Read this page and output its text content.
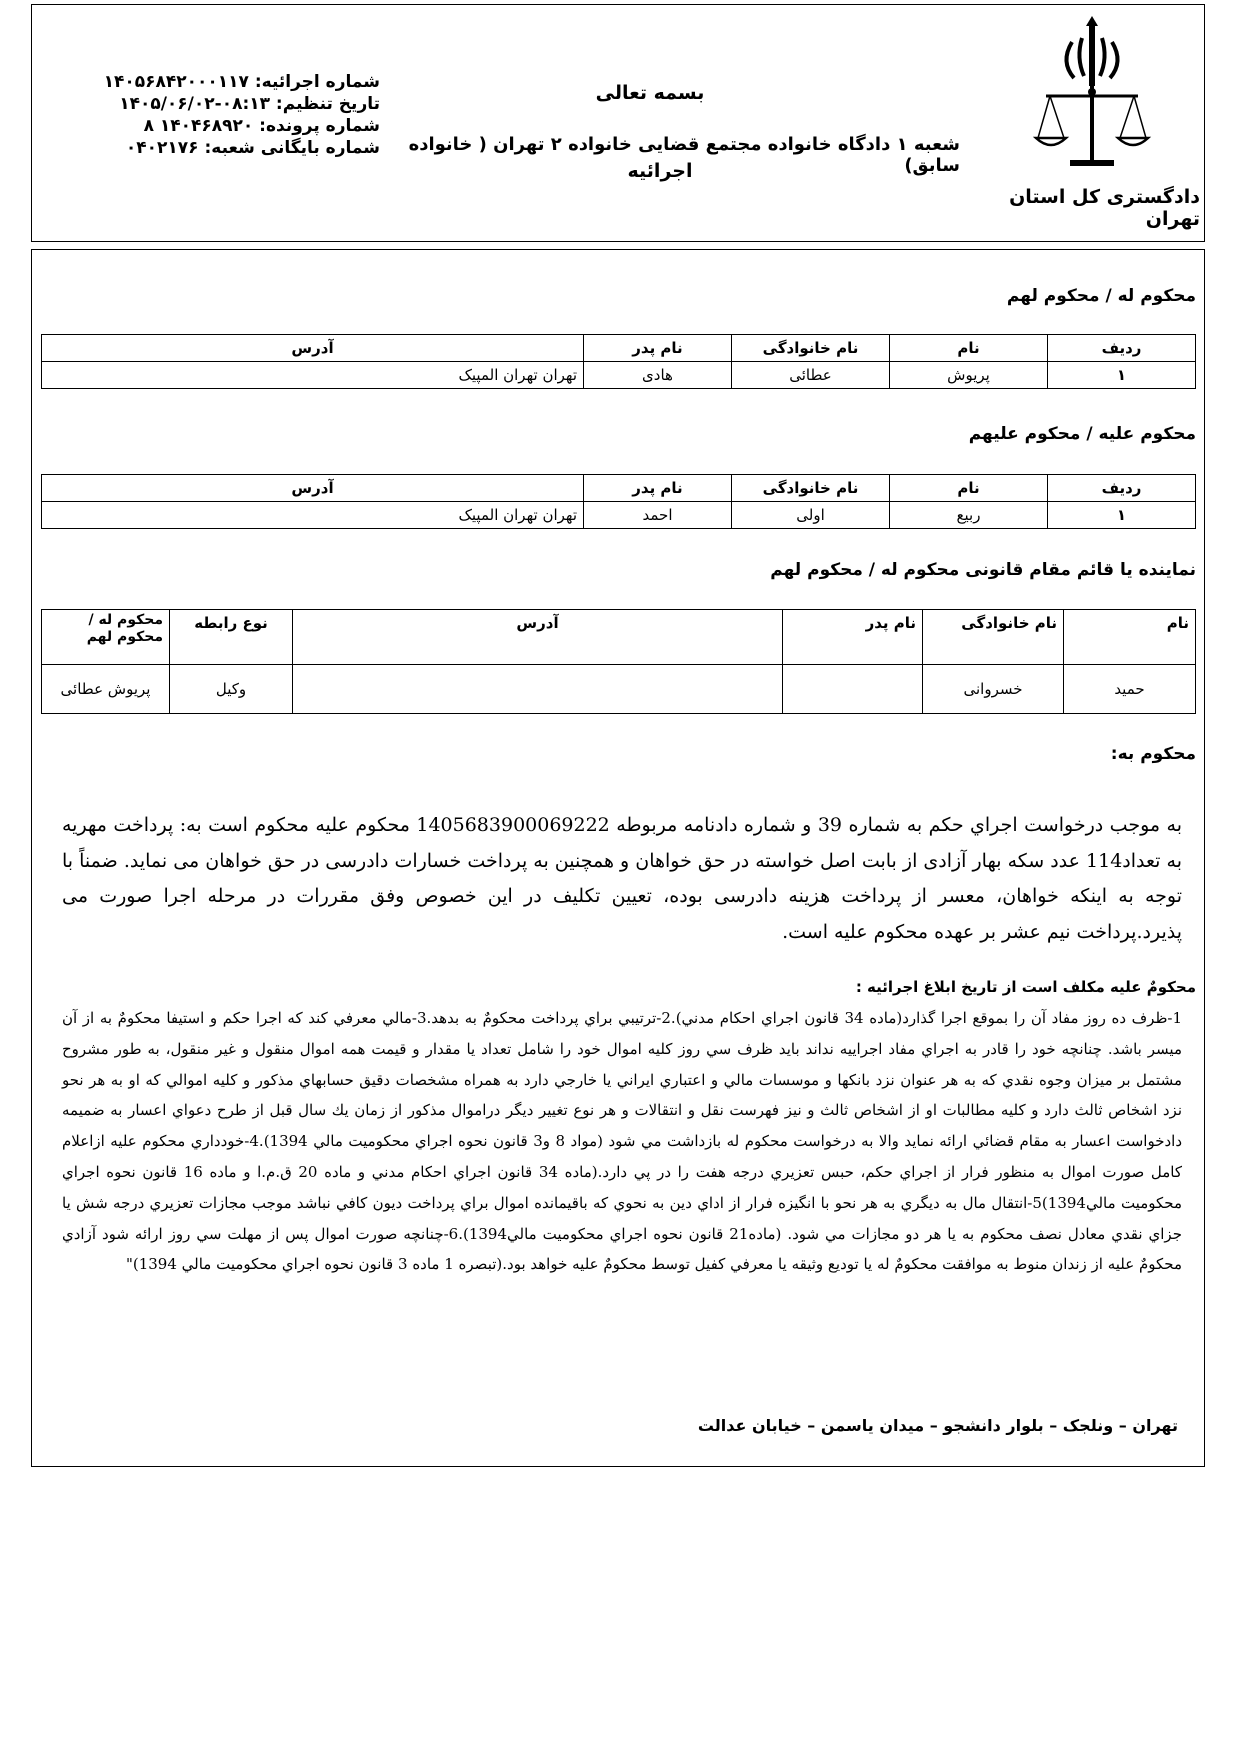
بسمه تعالی
شعبه ۱ دادگاه خانواده مجتمع قضایی خانواده ۲ تهران ( خانواده سابق)
اجرائیه
دادگستری کل استان تهران
شماره اجرائیه: ۱۴۰۵۶۸۴۲۰۰۰۱۱۷
تاریخ تنظیم: ۰۸:۱۳-۱۴۰۵/۰۶/۰۲
شماره پرونده: ۱۴۰۴۶۸۹۲۰ ۸
شماره بایگانی شعبه: ۰۴۰۲۱۷۶
محکوم له / محکوم لهم
ردیف	نام	نام خانوادگی	نام پدر	آدرس
۱	پریوش	عطائی	هادی	تهران تهران المپیک
محکوم علیه / محکوم علیهم
ردیف	نام	نام خانوادگی	نام پدر	آدرس
۱	ربیع	اولی	احمد	تهران تهران المپیک
نماینده یا قائم مقام قانونی محکوم له / محکوم لهم
نام	نام خانوادگی	نام پدر	آدرس	نوع رابطه	محکوم له / محکوم لهم
حمید	خسروانی			وکیل	پریوش عطائی
محکوم به:
به موجب درخواست اجراي حكم به شماره 39 و شماره دادنامه مربوطه 1405683900069222 محكوم عليه محكوم است به: پرداخت مهریه به تعداد114 عدد سکه بهار آزادی از بابت اصل خواسته در حق خواهان و همچنین به پرداخت خسارات دادرسی در حق خواهان می نماید. ضمناً با توجه به اینکه خواهان، معسر از پرداخت هزینه دادرسی بوده، تعیین تکلیف در این خصوص وفق مقررات در مرحله اجرا صورت می پذیرد.پرداخت نیم عشر بر عهده محکوم علیه است.
محكومٌ عليه مكلف است از تاريخ ابلاغ اجرائيه :
1-ظرف ده روز مفاد آن را بموقع اجرا گذارد(ماده 34 قانون اجراي احكام مدني).2-ترتيبي براي پرداخت محكومٌ به بدهد.3-مالي معرفي كند كه اجرا حكم و استيفا محكومٌ به از آن ميسر باشد. چنانچه خود را قادر به اجراي مفاد اجراييه نداند بايد ظرف سي روز كليه اموال خود را شامل تعداد يا مقدار و قيمت همه اموال منقول و غير منقول، به طور مشروح مشتمل بر ميزان وجوه نقدي كه به هر عنوان نزد بانكها و موسسات مالي و اعتباري ايراني يا خارجي دارد به همراه مشخصات دقيق حسابهاي مذكور و كليه اموالي كه او به هر نحو نزد اشخاص ثالث دارد و كليه مطالبات او از اشخاص ثالث و نيز فهرست نقل و انتقالات و هر نوع تغيير ديگر دراموال مذكور از زمان يك سال قبل از طرح دعواي اعسار به ضميمه دادخواست اعسار به مقام قضائي ارائه نمايد والا به درخواست محكوم له بازداشت مي شود (مواد 8 و3 قانون نحوه اجراي محكوميت مالي 1394).4-خودداري محكوم عليه ازاعلام كامل صورت اموال به منظور فرار از اجراي حكم، حبس تعزيري درجه هفت را در پي دارد.(ماده 34 قانون اجراي احكام مدني و ماده 20 ق.م.ا و ماده 16 قانون نحوه اجراي محكوميت مالي1394)5-انتقال مال به ديگري به هر نحو با انگيزه فرار از اداي دين به نحوي كه باقيمانده اموال براي پرداخت ديون كافي نباشد موجب مجازات تعزيري درجه شش يا جزاي نقدي معادل نصف محكوم به يا هر دو مجازات مي شود. (ماده21 قانون نحوه اجراي محكوميت مالي1394).6-چنانچه صورت اموال پس از مهلت سي روز ارائه شود آزادي محكومٌ عليه از زندان منوط به موافقت محكومٌ له يا توديع وثيقه يا معرفي كفيل توسط محكومٌ عليه خواهد بود.(تبصره 1 ماده 3 قانون نحوه اجراي محكوميت مالي 1394)"
تهران – ونلجک – بلوار دانشجو – میدان یاسمن – خیابان عدالت
